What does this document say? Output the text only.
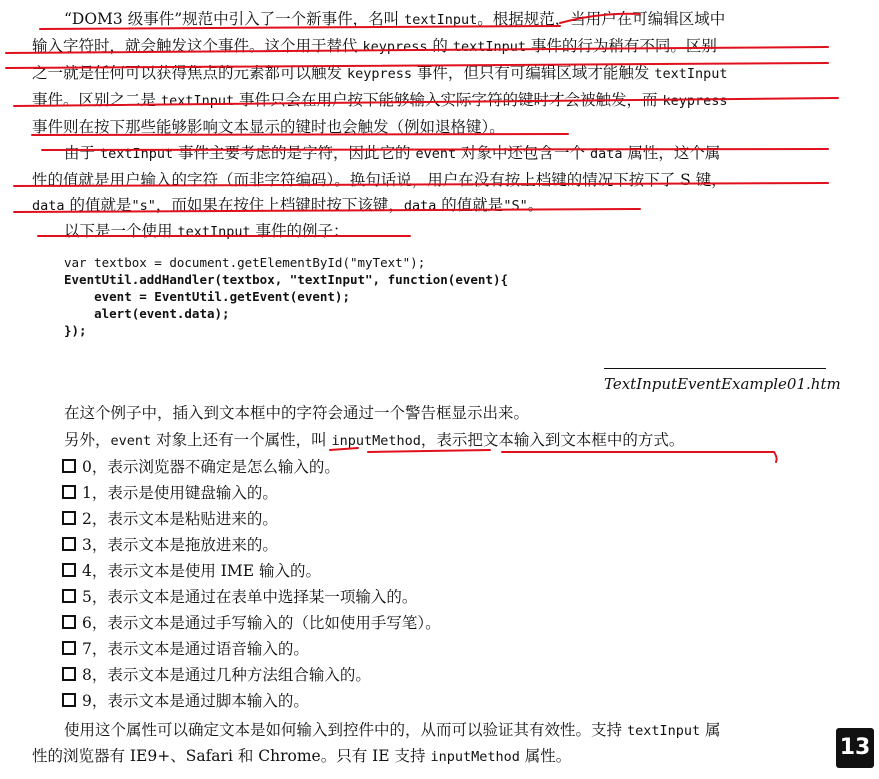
“DOM3 级事件”规范中引入了一个新事件，名叫 textInput。根据规范，当用户在可编辑区域中
输入字符时，就会触发这个事件。这个用于替代 keypress 的 textInput 事件的行为稍有不同。区别
之一就是任何可以获得焦点的元素都可以触发 keypress 事件，但只有可编辑区域才能触发 textInput
事件。区别之二是 textInput 事件只会在用户按下能够输入实际字符的键时才会被触发，而 keypress
事件则在按下那些能够影响文本显示的键时也会触发（例如退格键）。
由于 textInput 事件主要考虑的是字符，因此它的 event 对象中还包含一个 data 属性，这个属
性的值就是用户输入的字符（而非字符编码）。换句话说，用户在没有按上档键的情况下按下了 S 键，
data 的值就是"s"，而如果在按住上档键时按下该键，data 的值就是"S"。
以下是一个使用 textInput 事件的例子：
var textbox = document.getElementById("myText");
EventUtil.addHandler(textbox, "textInput", function(event){
event = EventUtil.getEvent(event);
alert(event.data);
});
TextInputEventExample01.htm
在这个例子中，插入到文本框中的字符会通过一个警告框显示出来。
另外，event 对象上还有一个属性，叫 inputMethod，表示把文本输入到文本框中的方式。
0，表示浏览器不确定是怎么输入的。
1，表示是使用键盘输入的。
2，表示文本是粘贴进来的。
3，表示文本是拖放进来的。
4，表示文本是使用 IME 输入的。
5，表示文本是通过在表单中选择某一项输入的。
6，表示文本是通过手写输入的（比如使用手写笔）。
7，表示文本是通过语音输入的。
8，表示文本是通过几种方法组合输入的。
9，表示文本是通过脚本输入的。
使用这个属性可以确定文本是如何输入到控件中的，从而可以验证其有效性。支持 textInput 属
性的浏览器有 IE9+、Safari 和 Chrome。只有 IE 支持 inputMethod 属性。	13
